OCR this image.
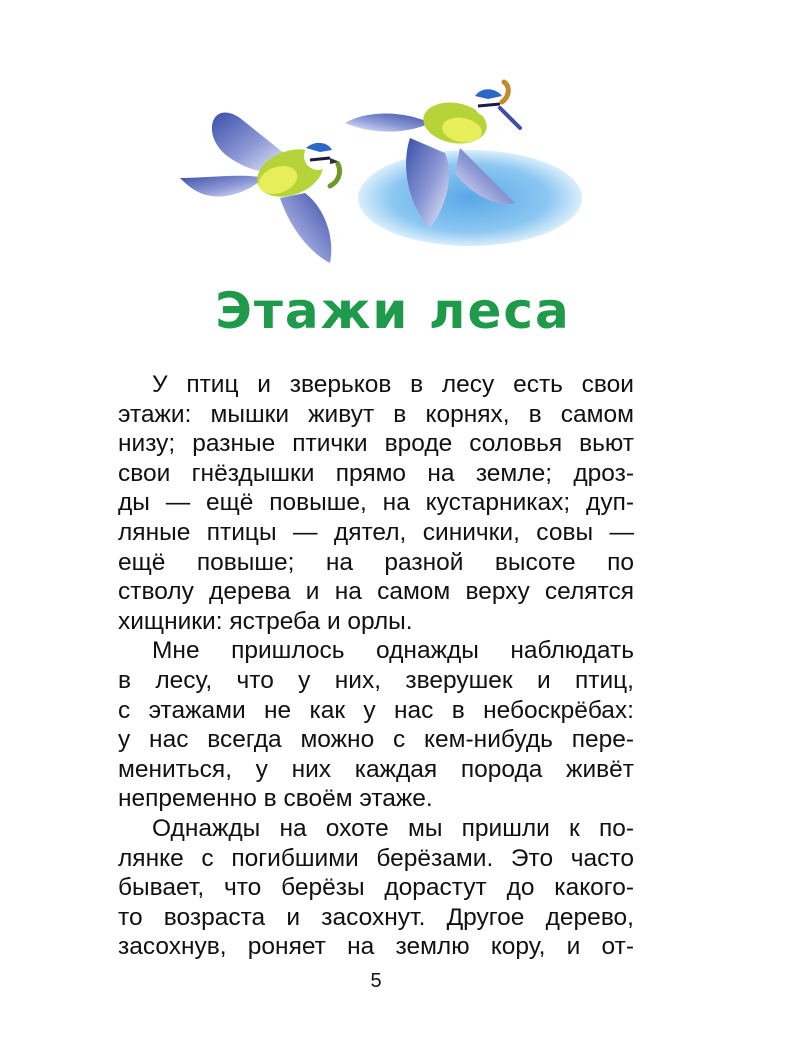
Этажи леса
У птиц и зверьков в лесу есть свои
этажи: мышки живут в корнях, в самом
низу; разные птички вроде соловья вьют
свои гнёздышки прямо на земле; дроз-
ды — ещё повыше, на кустарниках; дуп-
ляные птицы — дятел, синички, совы —
ещё повыше; на разной высоте по
стволу дерева и на самом верху селятся
хищники: ястреба и орлы.
Мне пришлось однажды наблюдать
в лесу, что у них, зверушек и птиц,
с этажами не как у нас в небоскрёбах:
у нас всегда можно с кем-нибудь пере-
мениться, у них каждая порода живёт
непременно в своём этаже.
Однажды на охоте мы пришли к по-
лянке с погибшими берёзами. Это часто
бывает, что берёзы дорастут до какого-
то возраста и засохнут. Другое дерево,
засохнув, роняет на землю кору, и от-
5
